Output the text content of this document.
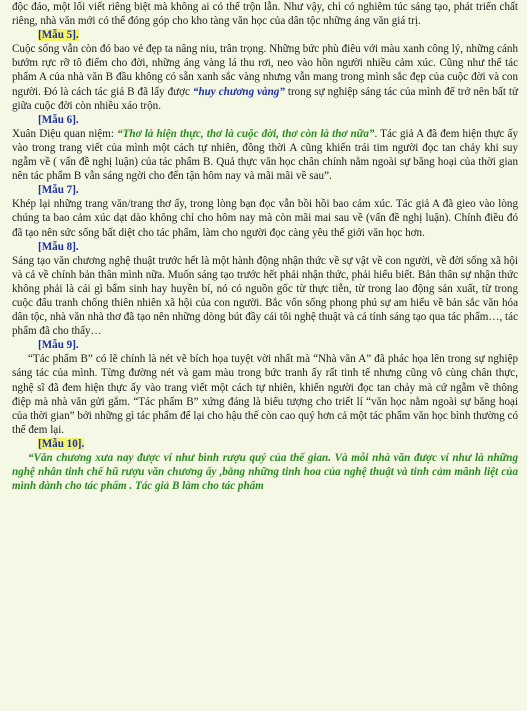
độc đáo, một lối viết riêng biệt mà không ai có thể trộn lẫn. Như vậy, chỉ có nghiêm túc sáng tạo, phát triển chất riêng, nhà văn mới có thể đóng góp cho kho tàng văn học của dân tộc những áng văn giá trị.

[Mẫu 5].

Cuộc sống vẫn còn đó bao vẻ đẹp ta nâng niu, trân trọng. Những bức phù điêu với màu xanh công lý, những cánh bướm rực rỡ tô điểm cho đời, những áng vàng lá thu rơi, neo vào hồn người nhiều cảm xúc. Cũng như thế tác phẩm A của nhà văn B đầu không có sẵn xanh sắc vàng nhưng vẫn mang trong mình sắc đẹp của cuộc đời và con người. Đó là cách tác giả B đã lấy được “huy chương vàng” trong sự nghiệp sáng tác của mình để trở nên bất tử giữa cuộc đời còn nhiều xáo trộn.

[Mẫu 6].

Xuân Diệu quan niệm: “Thơ là hiện thực, thơ là cuộc đời, thơ còn là thơ nữa”. Tác giả A đã đem hiện thực ấy vào trong trang viết của mình một cách tự nhiên, đồng thời A cũng khiến trái tim người đọc tan chảy khi suy ngẫm về ( vấn đề nghị luận) của tác phẩm B. Quả thực văn học chân chính nằm ngoài sự băng hoại của thời gian nên tác phẩm B vẫn sáng ngời cho đến tận hôm nay và mãi mãi về sau”.

[Mẫu 7].

Khép lại những trang văn/trang thơ ấy, trong lòng bạn đọc vẫn bồi hồi bao cảm xúc. Tác giả A đã gieo vào lòng chúng ta bao cảm xúc dạt dào không chỉ cho hôm nay mà còn mãi mai sau về (vấn đề nghị luận). Chính điều đó đã tạo nên sức sống bất diệt cho tác phẩm, làm cho người đọc càng yêu thế giới văn học hơn.

[Mẫu 8].

Sáng tạo văn chương nghệ thuật trước hết là một hành động nhận thức về sự vật về con người, về đời sống xã hội và cả về chính bản thân mình nữa. Muốn sáng tạo trước hết phải nhận thức, phải hiểu biết. Bản thân sự nhận thức không phải là cái gì bẩm sinh hay huyền bí, nó có nguồn gốc từ thực tiễn, từ trong lao động sản xuất, từ trong cuộc đấu tranh chống thiên nhiên xã hội của con người. Bắc vốn sống phong phú sự am hiểu về bản sắc văn hóa dân tộc, nhà văn nhà thơ đã tạo nên những dòng bút đầy cái tôi nghệ thuật và cá tính sáng tạo qua tác phẩm…, tác phẩm đã cho thấy…

[Mẫu 9].

“Tác phẩm B” có lẽ chính là nét vẽ bích họa tuyệt vời nhất mà “Nhà văn A” đã phác họa lên trong sự nghiệp sáng tác của mình. Từng đường nét và gam màu trong bức tranh ấy rất tinh tế nhưng cũng vô cùng chân thực, nghệ sĩ đã đem hiện thực ấy vào trang viết một cách tự nhiên, khiến người đọc tan chảy mà cứ ngẫm về thông điệp mà nhà văn gửi gắm. “Tác phẩm B” xứng đáng là biểu tượng cho triết lí “văn học nằm ngoài sự băng hoại của thời gian” bởi những gì tác phẩm để lại cho hậu thế còn cao quý hơn cả một tác phẩm văn học bình thường có thể đem lại.

[Mẫu 10].

“Văn chương xưa nay được ví như bình rượu quý của thế gian. Và mỗi nhà văn được ví như là những nghệ nhân tinh chế hũ rượu văn chương ấy ,bằng những tinh hoa của nghệ thuật và tinh cảm mãnh liệt của mình dành cho tác phẩm . Tác giả B làm cho tác phẩm
